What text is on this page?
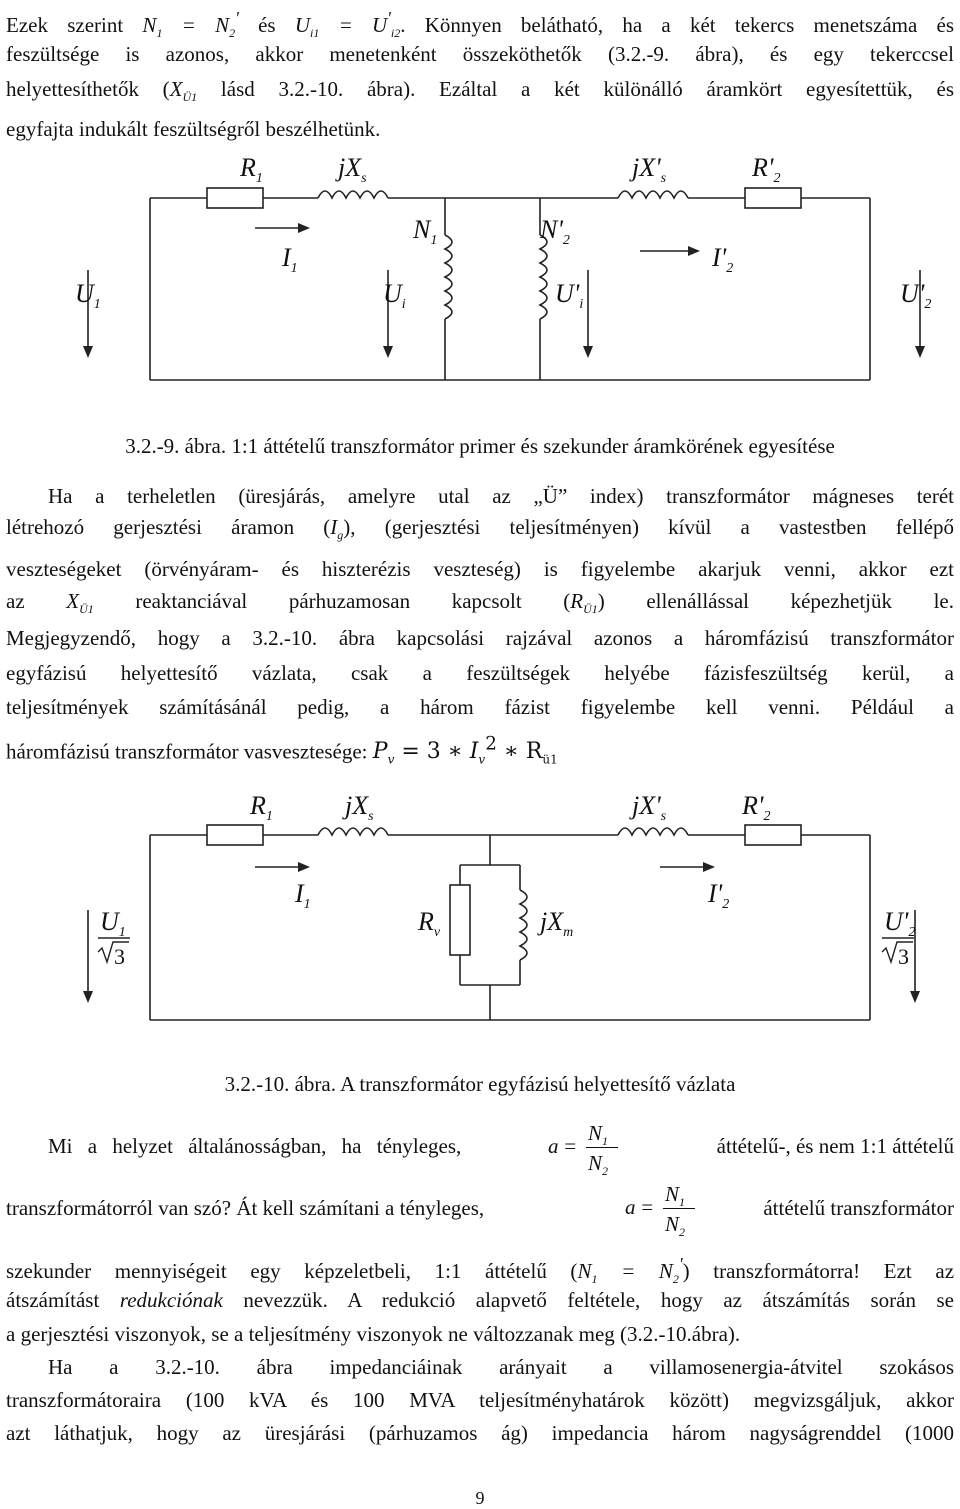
Ezek szerint $N_1 = N_2'$ és $U_{i1} = U'_{i2}$. Könnyen belátható, ha a két tekercs menetszáma és
feszültsége is azonos, akkor menetenként összeköthetők (3.2.-9. ábra), és egy tekerccsel
helyettesíthetők ($X_{Ü1}$ lásd 3.2.-10. ábra). Ezáltal a két különálló áramkört egyesítettük, és
egyfajta indukált feszültségről beszélhetünk.
$R_1$	$jX_s$	$jX'_s$	$R'_2$
$N_1$	$N'_2$
$I_1$	$I'_2$
$U_1$	$U_i$	$U'_i$	$U'_2$
3.2.-9. ábra. 1:1 áttételű transzformátor primer és szekunder áramkörének egyesítése
Ha a terheletlen (üresjárás, amelyre utal az „Ü” index) transzformátor mágneses terét
létrehozó gerjesztési áramon $(I_g)$, (gerjesztési teljesítményen) kívül a vastestben fellépő
veszteségeket (örvényáram- és hiszterézis veszteség) is figyelembe akarjuk venni, akkor ezt
az $X_{Ü1}$ reaktanciával párhuzamosan kapcsolt $(R_{Ü1})$ ellenállással képezhetjük le.
Megjegyzendő, hogy a 3.2.-10. ábra kapcsolási rajzával azonos a háromfázisú transzformátor
egyfázisú helyettesítő vázlata, csak a feszültségek helyébe fázisfeszültség kerül, a
teljesítmények számításánál pedig, a három fázist figyelembe kell venni. Például a
háromfázisú transzformátor vasvesztesége: $P_v = 3$ ∗ $I_v^2$ ∗ $R_{ü1}$
$R_1$	$jX_s$	$jX'_s$	$R'_2$
$I_1$	$I'_2$
$R_v$	$jX_m$
$U_1$	$U'_2$
3	3
3.2.-10. ábra. A transzformátor egyfázisú helyettesítő vázlata
Mi a helyzet általánosságban, ha tényleges,	a =
$N_1$
$N_2$
áttételű-, és nem 1:1 áttételű
transzformátorról van szó? Át kell számítani a tényleges,	a =
$N_1$
$N_2$
áttételű transzformátor
szekunder mennyiségeit egy képzeletbeli, 1:1 áttételű $(N_1 = N_2')$ transzformátorra! Ezt az
átszámítást redukciónak nevezzük. A redukció alapvető feltétele, hogy az átszámítás során se
a gerjesztési viszonyok, se a teljesítmény viszonyok ne változzanak meg (3.2.-10.ábra).
Ha a 3.2.-10. ábra impedanciáinak arányait a villamosenergia-átvitel szokásos
transzformátoraira (100 kVA és 100 MVA teljesítményhatárok között) megvizsgáljuk, akkor
azt láthatjuk, hogy az üresjárási (párhuzamos ág) impedancia három nagyságrenddel (1000
9
